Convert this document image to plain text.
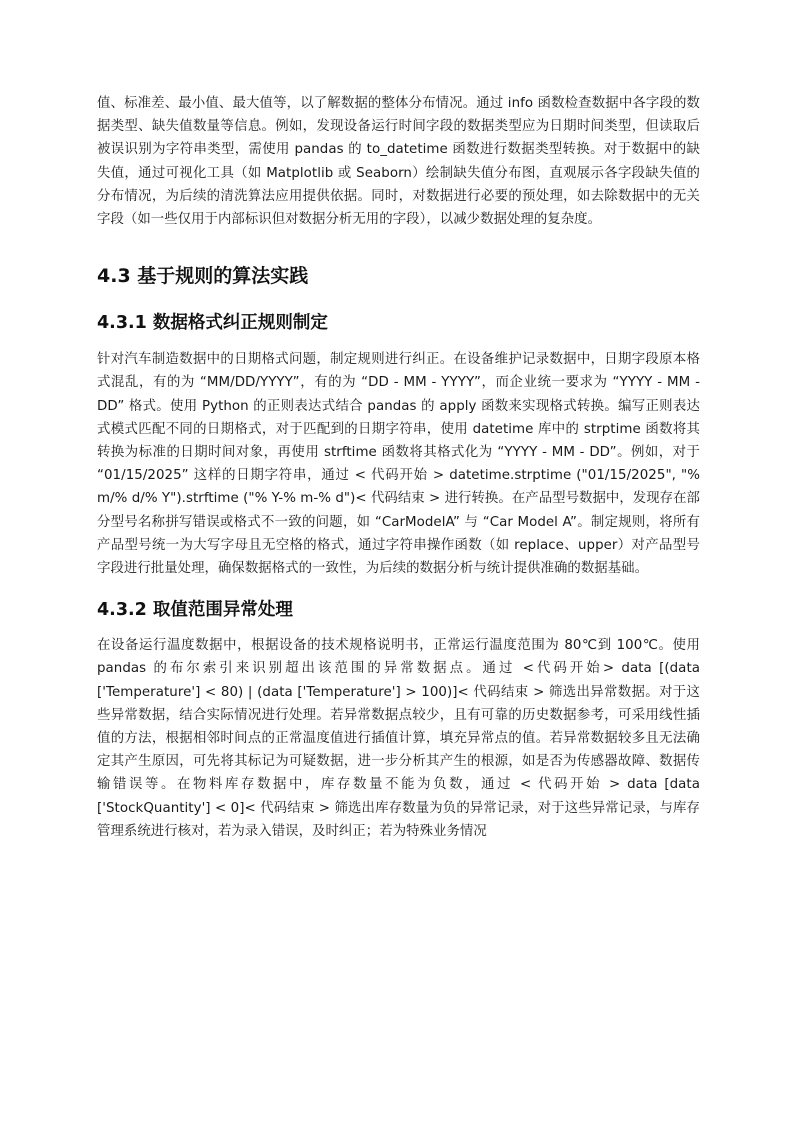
值、标准差、最小值、最大值等，以了解数据的整体分布情况。通过 info 函数检查数据中各字段的数据类型、缺失值数量等信息。例如，发现设备运行时间字段的数据类型应为日期时间类型，但读取后被误识别为字符串类型，需使用 pandas 的 to_datetime 函数进行数据类型转换。对于数据中的缺失值，通过可视化工具（如 Matplotlib 或 Seaborn）绘制缺失值分布图，直观展示各字段缺失值的分布情况，为后续的清洗算法应用提供依据。同时，对数据进行必要的预处理，如去除数据中的无关字段（如一些仅用于内部标识但对数据分析无用的字段），以减少数据处理的复杂度。

4.3 基于规则的算法实践
4.3.1 数据格式纠正规则制定

针对汽车制造数据中的日期格式问题，制定规则进行纠正。在设备维护记录数据中，日期字段原本格式混乱，有的为 “MM/DD/YYYY”，有的为 “DD - MM - YYYY”，而企业统一要求为 “YYYY - MM - DD” 格式。使用 Python 的正则表达式结合 pandas 的 apply 函数来实现格式转换。编写正则表达式模式匹配不同的日期格式，对于匹配到的日期字符串，使用 datetime 库中的 strptime 函数将其转换为标准的日期时间对象，再使用 strftime 函数将其格式化为 “YYYY - MM - DD”。例如，对于 “01/15/2025” 这样的日期字符串，通过 < 代码开始 > datetime.strptime ("01/15/2025", "% m/% d/% Y").strftime ("% Y-% m-% d")< 代码结束 > 进行转换。在产品型号数据中，发现存在部分型号名称拼写错误或格式不一致的问题，如 “CarModelA” 与 “Car Model A”。制定规则，将所有产品型号统一为大写字母且无空格的格式，通过字符串操作函数（如 replace、upper）对产品型号字段进行批量处理，确保数据格式的一致性，为后续的数据分析与统计提供准确的数据基础。

4.3.2 取值范围异常处理

在设备运行温度数据中，根据设备的技术规格说明书，正常运行温度范围为 80℃到 100℃。使用 pandas 的布尔索引来识别超出该范围的异常数据点。通过 <代码开始> data [(data ['Temperature'] < 80) | (data ['Temperature'] > 100)]< 代码结束 > 筛选出异常数据。对于这些异常数据，结合实际情况进行处理。若异常数据点较少，且有可靠的历史数据参考，可采用线性插值的方法，根据相邻时间点的正常温度值进行插值计算，填充异常点的值。若异常数据较多且无法确定其产生原因，可先将其标记为可疑数据，进一步分析其产生的根源，如是否为传感器故障、数据传输错误等。在物料库存数据中，库存数量不能为负数，通过 < 代码开始 > data [data ['StockQuantity'] < 0]< 代码结束 > 筛选出库存数量为负的异常记录，对于这些异常记录，与库存管理系统进行核对，若为录入错误，及时纠正；若为特殊业务情况
